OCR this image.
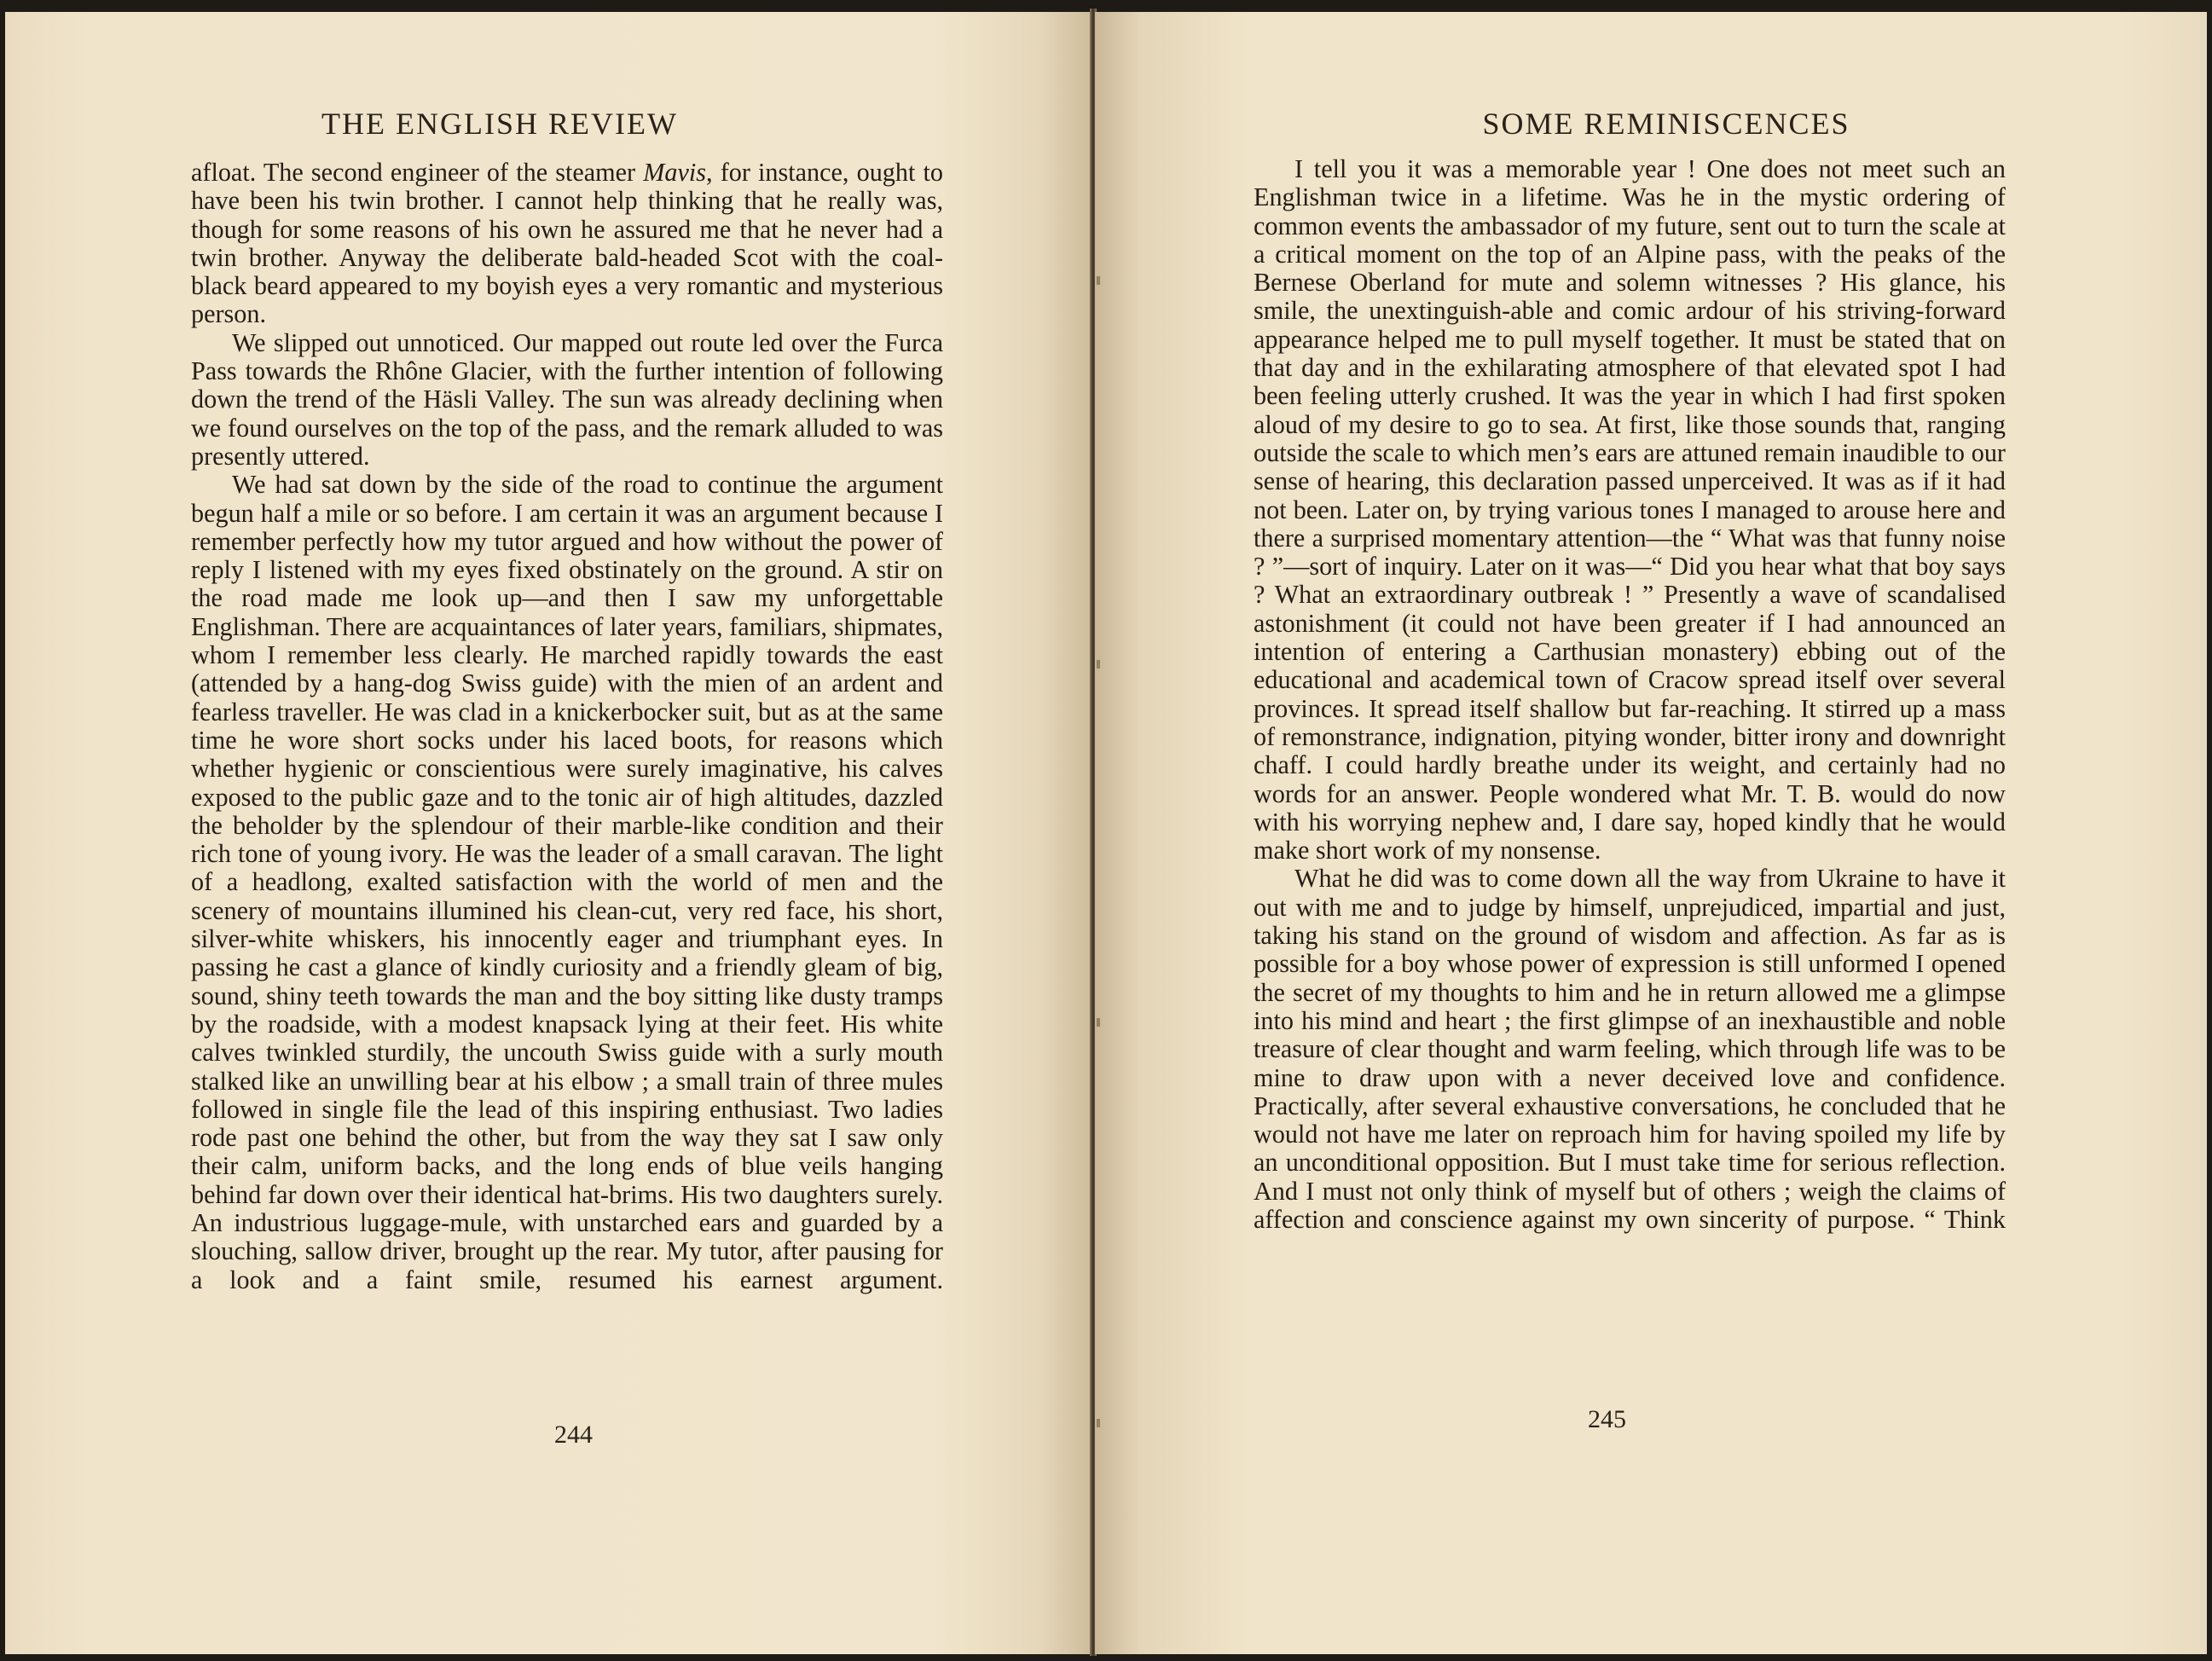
THE ENGLISH REVIEW

afloat. The second engineer of the steamer Mavis, for instance, ought to have been his twin brother. I cannot help thinking that he really was, though for some reasons of his own he assured me that he never had a twin brother. Anyway the deliberate bald-headed Scot with the coal-black beard appeared to my boyish eyes a very romantic and mysterious person.

We slipped out unnoticed. Our mapped out route led over the Furca Pass towards the Rhône Glacier, with the further intention of following down the trend of the Häsli Valley. The sun was already declining when we found ourselves on the top of the pass, and the remark alluded to was presently uttered.

We had sat down by the side of the road to continue the argument begun half a mile or so before. I am certain it was an argument because I remember perfectly how my tutor argued and how without the power of reply I listened with my eyes fixed obstinately on the ground. A stir on the road made me look up—and then I saw my unforgettable Englishman. There are acquaintances of later years, familiars, shipmates, whom I remember less clearly. He marched rapidly towards the east (attended by a hang-dog Swiss guide) with the mien of an ardent and fearless traveller. He was clad in a knickerbocker suit, but as at the same time he wore short socks under his laced boots, for reasons which whether hygienic or conscientious were surely imaginative, his calves exposed to the public gaze and to the tonic air of high altitudes, dazzled the beholder by the splendour of their marble-like condition and their rich tone of young ivory. He was the leader of a small caravan. The light of a headlong, exalted satisfaction with the world of men and the scenery of mountains illumined his clean-cut, very red face, his short, silver-white whiskers, his innocently eager and triumphant eyes. In passing he cast a glance of kindly curiosity and a friendly gleam of big, sound, shiny teeth towards the man and the boy sitting like dusty tramps by the roadside, with a modest knapsack lying at their feet. His white calves twinkled sturdily, the uncouth Swiss guide with a surly mouth stalked like an unwilling bear at his elbow ; a small train of three mules followed in single file the lead of this inspiring enthusiast. Two ladies rode past one behind the other, but from the way they sat I saw only their calm, uniform backs, and the long ends of blue veils hanging behind far down over their identical hat-brims. His two daughters surely. An industrious luggage-mule, with unstarched ears and guarded by a slouching, sallow driver, brought up the rear. My tutor, after pausing for a look and a faint smile, resumed his earnest argument.

244
SOME REMINISCENCES

I tell you it was a memorable year ! One does not meet such an Englishman twice in a lifetime. Was he in the mystic ordering of common events the ambassador of my future, sent out to turn the scale at a critical moment on the top of an Alpine pass, with the peaks of the Bernese Oberland for mute and solemn witnesses ? His glance, his smile, the unextinguish-able and comic ardour of his striving-forward appearance helped me to pull myself together. It must be stated that on that day and in the exhilarating atmosphere of that elevated spot I had been feeling utterly crushed. It was the year in which I had first spoken aloud of my desire to go to sea. At first, like those sounds that, ranging outside the scale to which men’s ears are attuned remain inaudible to our sense of hearing, this declaration passed unperceived. It was as if it had not been. Later on, by trying various tones I managed to arouse here and there a surprised momentary attention—the “ What was that funny noise ? ”—sort of inquiry. Later on it was—“ Did you hear what that boy says ? What an extraordinary outbreak ! ” Presently a wave of scandalised astonishment (it could not have been greater if I had announced an intention of entering a Carthusian monastery) ebbing out of the educational and academical town of Cracow spread itself over several provinces. It spread itself shallow but far-reaching. It stirred up a mass of remonstrance, indignation, pitying wonder, bitter irony and downright chaff. I could hardly breathe under its weight, and certainly had no words for an answer. People wondered what Mr. T. B. would do now with his worrying nephew and, I dare say, hoped kindly that he would make short work of my nonsense.

What he did was to come down all the way from Ukraine to have it out with me and to judge by himself, unprejudiced, impartial and just, taking his stand on the ground of wisdom and affection. As far as is possible for a boy whose power of expression is still unformed I opened the secret of my thoughts to him and he in return allowed me a glimpse into his mind and heart ; the first glimpse of an inexhaustible and noble treasure of clear thought and warm feeling, which through life was to be mine to draw upon with a never deceived love and confidence. Practically, after several exhaustive conversations, he concluded that he would not have me later on reproach him for having spoiled my life by an unconditional opposition. But I must take time for serious reflection. And I must not only think of myself but of others ; weigh the claims of affection and conscience against my own sincerity of purpose. “ Think

245
